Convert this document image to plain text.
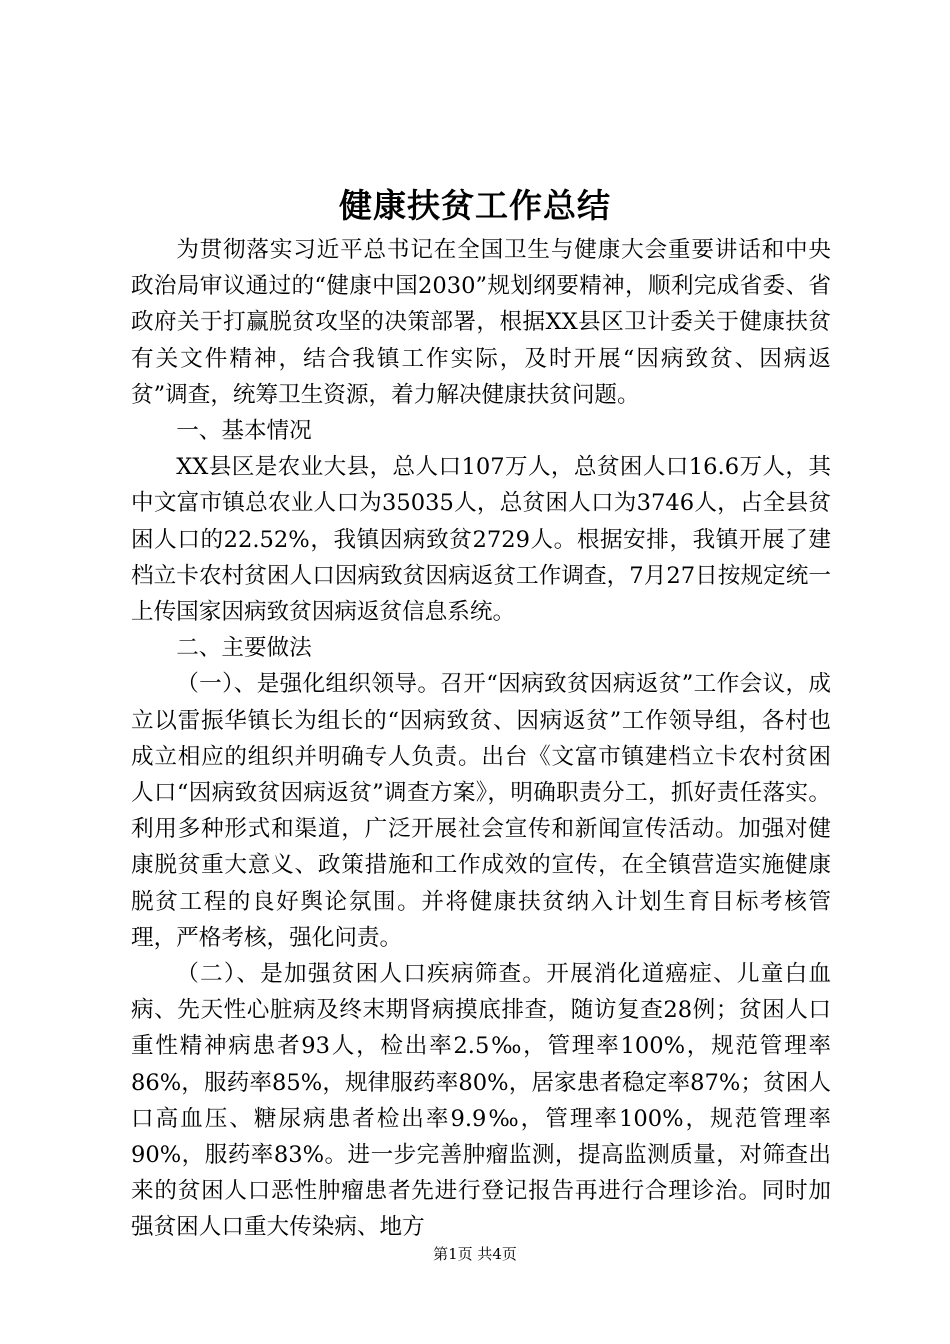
健康扶贫工作总结

为贯彻落实习近平总书记在全国卫生与健康大会重要讲话和中央政治局审议通过的“健康中国2030”规划纲要精神，顺利完成省委、省政府关于打赢脱贫攻坚的决策部署，根据XX县区卫计委关于健康扶贫有关文件精神，结合我镇工作实际，及时开展“因病致贫、因病返贫”调查，统筹卫生资源，着力解决健康扶贫问题。

一、基本情况

XX县区是农业大县，总人口107万人，总贫困人口16.6万人，其中文富市镇总农业人口为35035人，总贫困人口为3746人，占全县贫困人口的22.52%，我镇因病致贫2729人。根据安排，我镇开展了建档立卡农村贫困人口因病致贫因病返贫工作调查，7月27日按规定统一上传国家因病致贫因病返贫信息系统。

二、主要做法

（一）、是强化组织领导。召开“因病致贫因病返贫”工作会议，成立以雷振华镇长为组长的“因病致贫、因病返贫”工作领导组，各村也成立相应的组织并明确专人负责。出台《文富市镇建档立卡农村贫困人口“因病致贫因病返贫”调查方案》，明确职责分工，抓好责任落实。利用多种形式和渠道，广泛开展社会宣传和新闻宣传活动。加强对健康脱贫重大意义、政策措施和工作成效的宣传，在全镇营造实施健康脱贫工程的良好舆论氛围。并将健康扶贫纳入计划生育目标考核管理，严格考核，强化问责。

（二）、是加强贫困人口疾病筛查。开展消化道癌症、儿童白血病、先天性心脏病及终末期肾病摸底排查，随访复查28例；贫困人口重性精神病患者93人，检出率2.5‰，管理率100%，规范管理率86%，服药率85%，规律服药率80%，居家患者稳定率87%；贫困人口高血压、糖尿病患者检出率9.9‰，管理率100%，规范管理率90%，服药率83%。进一步完善肿瘤监测，提高监测质量，对筛查出来的贫困人口恶性肿瘤患者先进行登记报告再进行合理诊治。同时加强贫困人口重大传染病、地方

第1页 共4页
